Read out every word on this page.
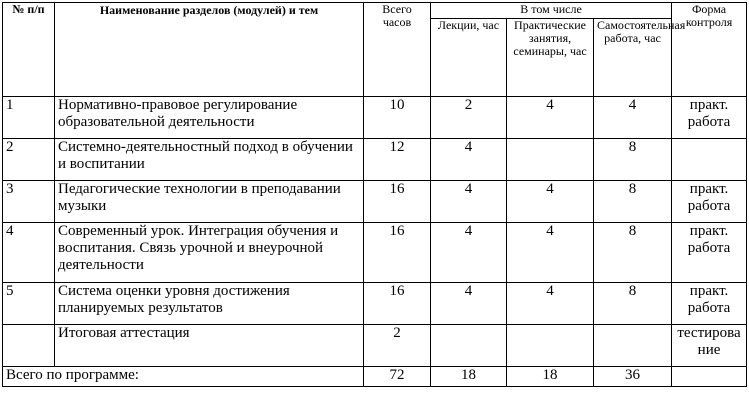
№ п/п	Наименование разделов (модулей) и тем	Всего часов	В том числе			Форма контроля
			Лекции, час	Практические занятия, семинары, час	Самостоятельная работа, час	
1	Нормативно-правовое регулирование образовательной деятельности	10	2	4	4	практ. работа
2	Системно-деятельностный подход в обучении и воспитании	12	4		8	
3	Педагогические технологии в преподавании музыки	16	4	4	8	практ. работа
4	Современный урок. Интеграция обучения и воспитания. Связь урочной и внеурочной деятельности	16	4	4	8	практ. работа
5	Система оценки уровня достижения планируемых результатов	16	4	4	8	практ. работа
	Итоговая аттестация	2				тестирование
Всего по программе:		72	18	18	36	
